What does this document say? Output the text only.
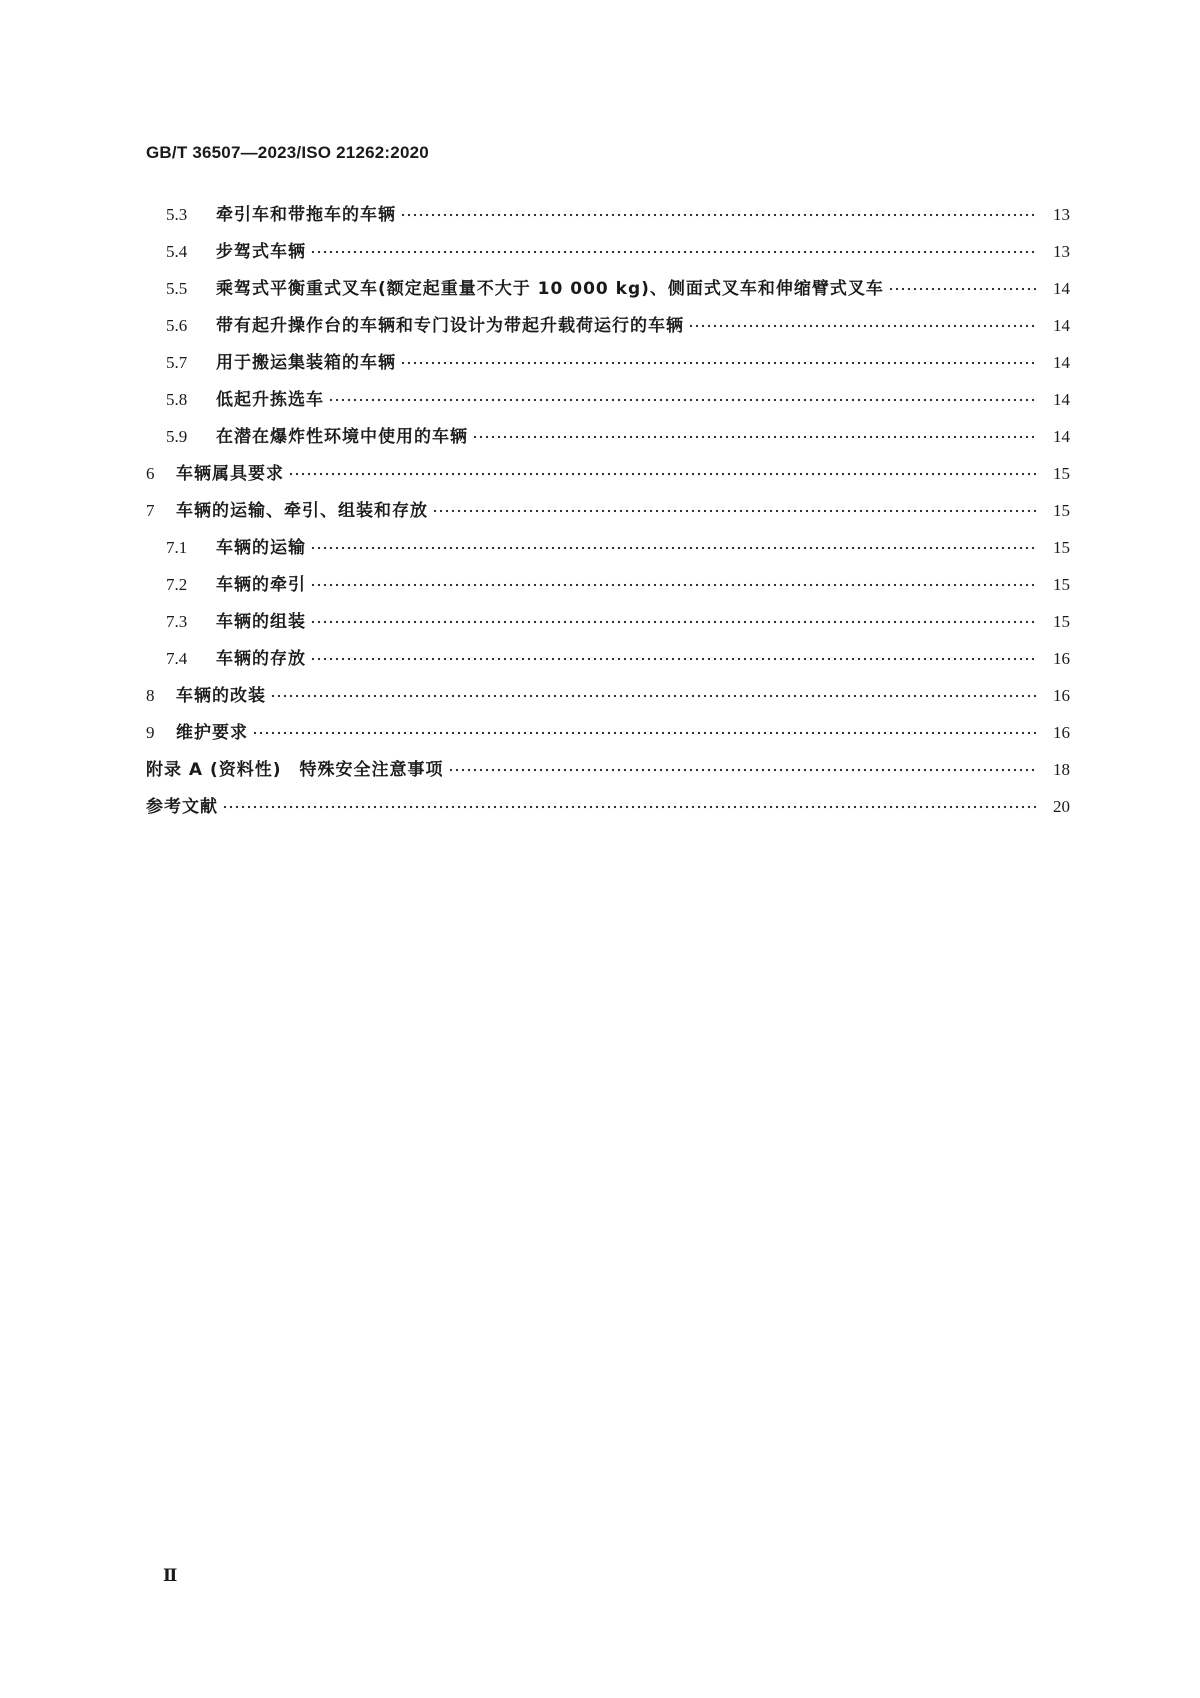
GB/T 36507—2023/ISO 21262:2020
5.3	牵引车和带拖车的车辆	13
5.4	步驾式车辆	13
5.5	乘驾式平衡重式叉车(额定起重量不大于 10 000 kg)、侧面式叉车和伸缩臂式叉车	14
5.6	带有起升操作台的车辆和专门设计为带起升载荷运行的车辆	14
5.7	用于搬运集装箱的车辆	14
5.8	低起升拣选车	14
5.9	在潜在爆炸性环境中使用的车辆	14
6	车辆属具要求	15
7	车辆的运输、牵引、组装和存放	15
7.1	车辆的运输	15
7.2	车辆的牵引	15
7.3	车辆的组装	15
7.4	车辆的存放	16
8	车辆的改装	16
9	维护要求	16
附录 A (资料性)　特殊安全注意事项	18
参考文献	20
Ⅱ
